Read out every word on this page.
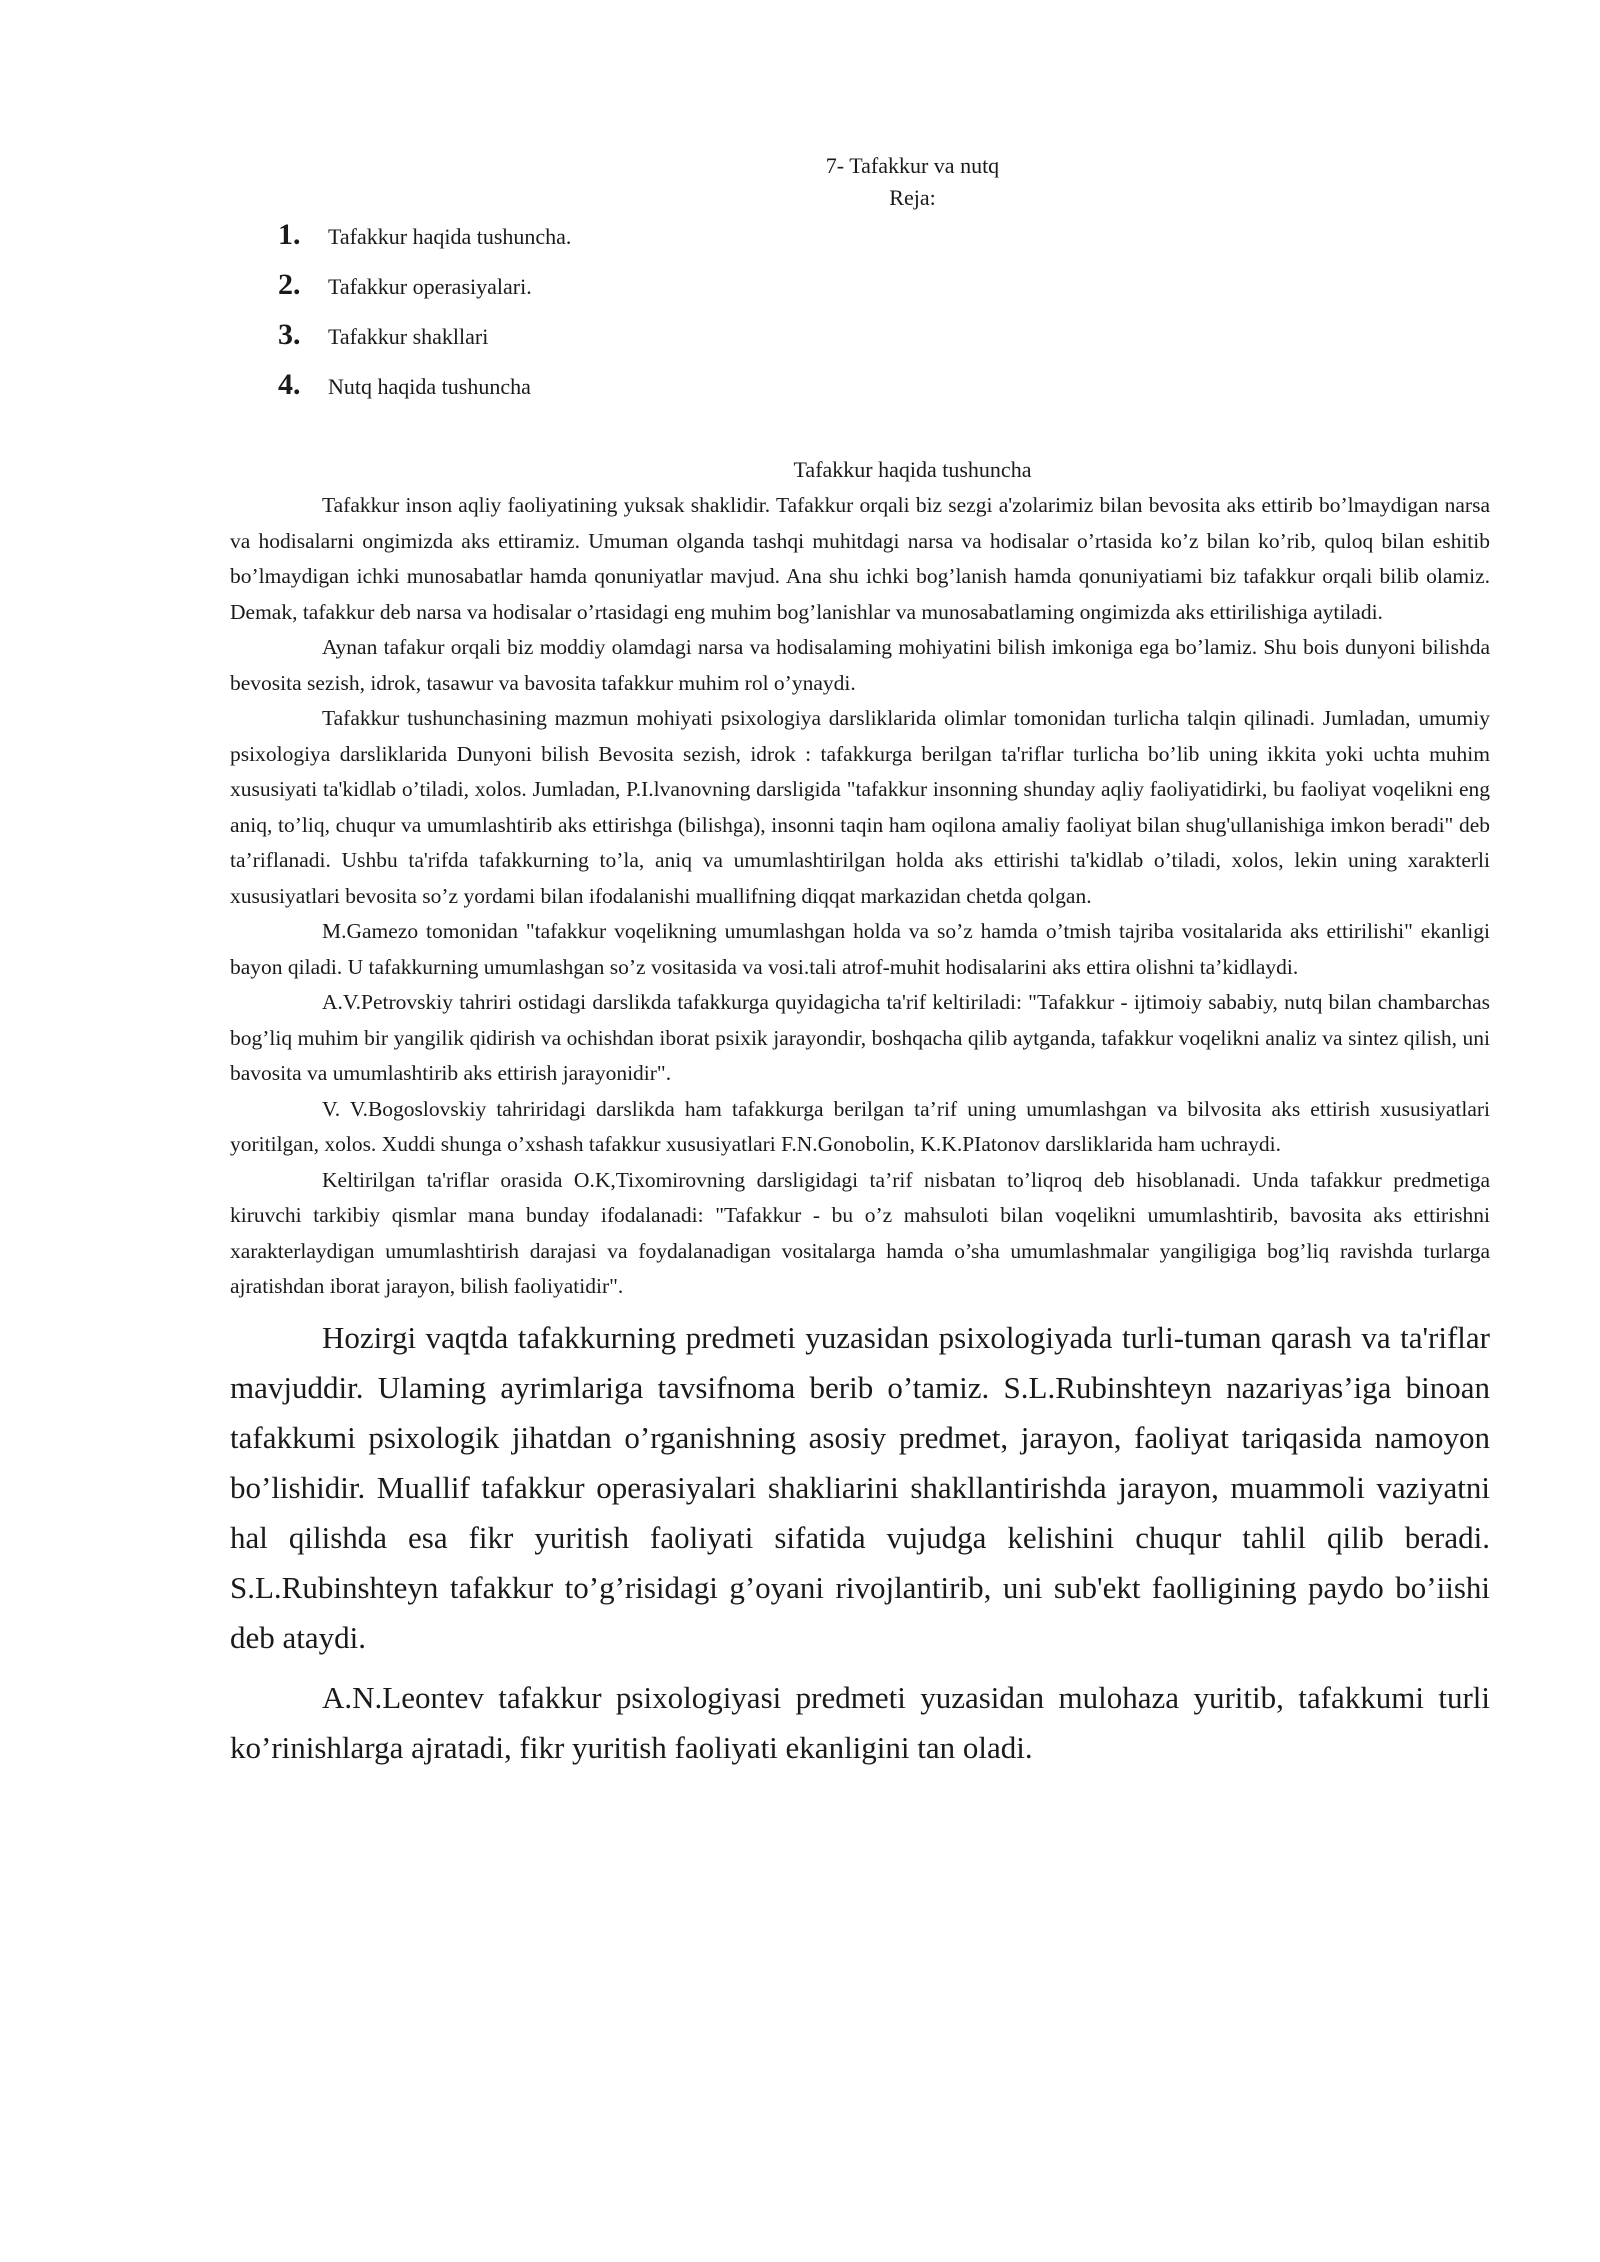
7- Tafakkur va nutq

Reja:

1.	Tafakkur haqida tushuncha.
2.	Tafakkur operasiyalari.
3.	Tafakkur shakllari
4.	Nutq haqida tushuncha

Tafakkur haqida tushuncha

Tafakkur inson aqliy faoliyatining yuksak shaklidir. Tafakkur orqali biz sezgi a'zolarimiz bilan bevosita aks ettirib bo’lmaydigan narsa va hodisalarni ongimizda aks ettiramiz. Umuman olganda tashqi muhitdagi narsa va hodisalar o’rtasida ko’z bilan ko’rib, quloq bilan eshitib bo’lmaydigan ichki munosabatlar hamda qonuniyatlar mavjud. Ana shu ichki bog’lanish hamda qonuniyatiami biz tafakkur orqali bilib olamiz. Demak, tafakkur deb narsa va hodisalar o’rtasidagi eng muhim bog’lanishlar va munosabatlaming ongimizda aks ettirilishiga aytiladi.

Aynan tafakur orqali biz moddiy olamdagi narsa va hodisalaming mohiyatini bilish imkoniga ega bo’lamiz. Shu bois dunyoni bilishda bevosita sezish, idrok, tasawur va bavosita tafakkur muhim rol o’ynaydi.

Tafakkur tushunchasining mazmun mohiyati psixologiya darsliklarida olimlar tomonidan turlicha talqin qilinadi. Jumladan, umumiy psixologiya darsliklarida Dunyoni bilish Bevosita sezish, idrok : tafakkurga berilgan ta'riflar turlicha bo’lib uning ikkita yoki uchta muhim xususiyati ta'kidlab o’tiladi, xolos. Jumladan, P.I.lvanovning darsligida "tafakkur insonning shunday aqliy faoliyatidirki, bu faoliyat voqelikni eng aniq, to’liq, chuqur va umumlashtirib aks ettirishga (bilishga), insonni taqin ham oqilona amaliy faoliyat bilan shug'ullanishiga imkon beradi" deb ta’riflanadi. Ushbu ta'rifda tafakkurning to’la, aniq va umumlashtirilgan holda aks ettirishi ta'kidlab o’tiladi, xolos, lekin uning xarakterli xususiyatlari bevosita so’z yordami bilan ifodalanishi muallifning diqqat markazidan chetda qolgan.

M.Gamezo tomonidan "tafakkur voqelikning umumlashgan holda va so’z hamda o’tmish tajriba vositalarida aks ettirilishi" ekanligi bayon qiladi. U tafakkurning umumlashgan so’z vositasida va vosi.tali atrof-muhit hodisalarini aks ettira olishni ta’kidlaydi.

A.V.Petrovskiy tahriri ostidagi darslikda tafakkurga quyidagicha ta'rif keltiriladi: "Tafakkur - ijtimoiy sababiy, nutq bilan chambarchas bog’liq muhim bir yangilik qidirish va ochishdan iborat psixik jarayondir, boshqacha qilib aytganda, tafakkur voqelikni analiz va sintez qilish, uni bavosita va umumlashtirib aks ettirish jarayonidir".

V. V.Bogoslovskiy tahriridagi darslikda ham tafakkurga berilgan ta’rif uning umumlashgan va bilvosita aks ettirish xususiyatlari yoritilgan, xolos. Xuddi shunga o’xshash tafakkur xususiyatlari F.N.Gonobolin, K.K.PIatonov darsliklarida ham uchraydi.

Keltirilgan ta'riflar orasida O.K,Tixomirovning darsligidagi ta’rif nisbatan to’liqroq deb hisoblanadi. Unda tafakkur predmetiga kiruvchi tarkibiy qismlar mana bunday ifodalanadi: "Tafakkur - bu o’z mahsuloti bilan voqelikni umumlashtirib, bavosita aks ettirishni xarakterlaydigan umumlashtirish darajasi va foydalanadigan vositalarga hamda o’sha umumlashmalar yangiligiga bog’liq ravishda turlarga ajratishdan iborat jarayon, bilish faoliyatidir".

Hozirgi vaqtda tafakkurning predmeti yuzasidan psixologiyada turli-tuman qarash va ta'riflar mavjuddir. Ulaming ayrimlariga tavsifnoma berib o’tamiz. S.L.Rubinshteyn nazariyas’iga binoan tafakkumi psixologik jihatdan o’rganishning asosiy predmet, jarayon, faoliyat tariqasida namoyon bo’lishidir. Muallif tafakkur operasiyalari shakliarini shakllantirishda jarayon, muammoli vaziyatni hal qilishda esa fikr yuritish faoliyati sifatida vujudga kelishini chuqur tahlil qilib beradi. S.L.Rubinshteyn tafakkur to’g’risidagi g’oyani rivojlantirib, uni sub'ekt faolligining paydo bo’iishi deb ataydi.

A.N.Leontev tafakkur psixologiyasi predmeti yuzasidan mulohaza yuritib, tafakkumi turli ko’rinishlarga ajratadi, fikr yuritish faoliyati ekanligini tan oladi.
